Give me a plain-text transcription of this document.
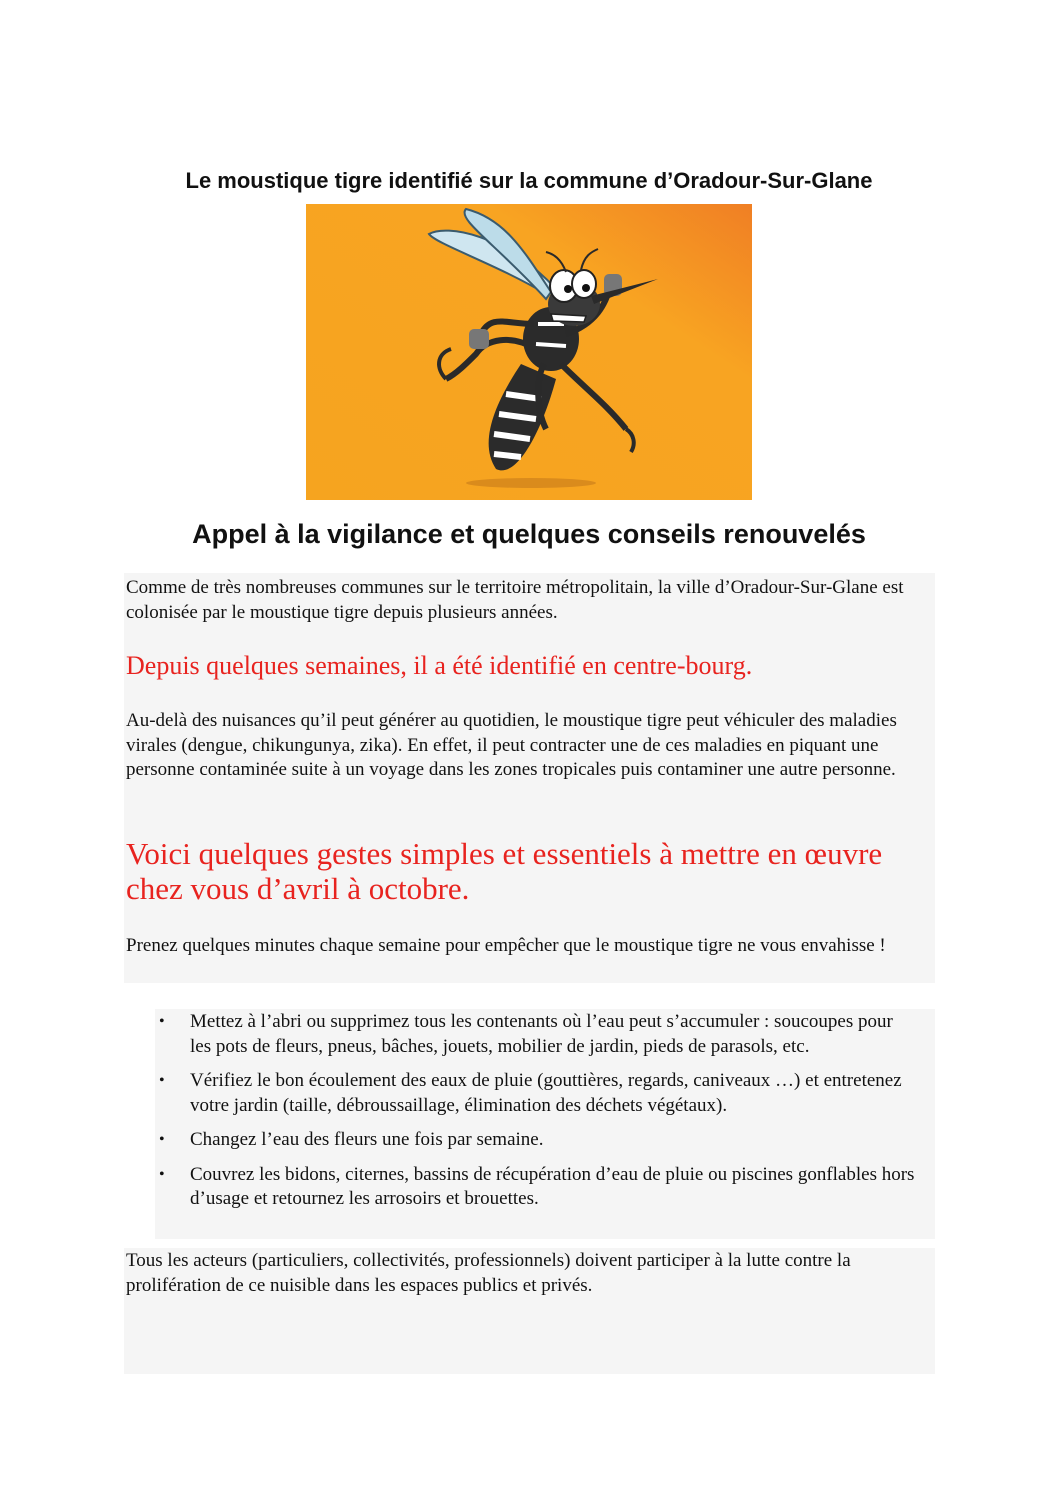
Le moustique tigre identifié sur la commune d’Oradour-Sur-Glane
Appel à la vigilance et quelques conseils renouvelés

Comme de très nombreuses communes sur le territoire métropolitain, la ville d’Oradour-Sur-Glane est colonisée par le moustique tigre depuis plusieurs années.

Depuis quelques semaines, il a été identifié en centre-bourg.

Au-delà des nuisances qu’il peut générer au quotidien, le moustique tigre peut véhiculer des maladies virales (dengue, chikungunya, zika). En effet, il peut contracter une de ces maladies en piquant une personne contaminée suite à un voyage dans les zones tropicales puis contaminer une autre personne.

Voici quelques gestes simples et essentiels à mettre en œuvre chez vous d’avril à octobre.

Prenez quelques minutes chaque semaine pour empêcher que le moustique tigre ne vous envahisse !

• Mettez à l’abri ou supprimez tous les contenants où l’eau peut s’accumuler : soucoupes pour les pots de fleurs, pneus, bâches, jouets, mobilier de jardin, pieds de parasols, etc.
• Vérifiez le bon écoulement des eaux de pluie (gouttières, regards, caniveaux …) et entretenez votre jardin (taille, débroussaillage, élimination des déchets végétaux).
• Changez l’eau des fleurs une fois par semaine.
• Couvrez les bidons, citernes, bassins de récupération d’eau de pluie ou piscines gonflables hors d’usage et retournez les arrosoirs et brouettes.

Tous les acteurs (particuliers, collectivités, professionnels) doivent participer à la lutte contre la prolifération de ce nuisible dans les espaces publics et privés.
